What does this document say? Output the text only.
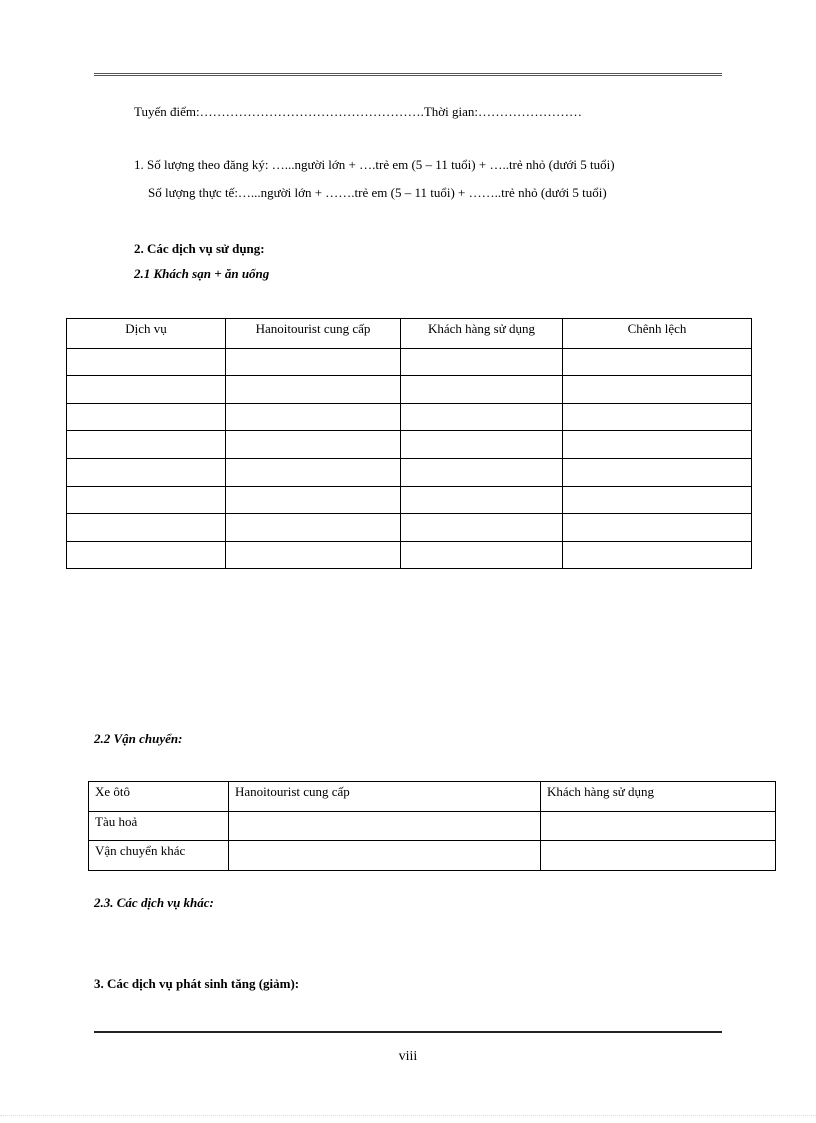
Tuyến điểm:…………………………………………….Thời gian:……………………
1. Số lượng theo đăng ký: …...người lớn + ….trẻ em (5 – 11 tuổi) + …..trẻ nhỏ (dưới 5 tuổi)
Số lượng thực tế:…...người lớn + …….trẻ em (5 – 11 tuổi) + ……..trẻ nhỏ (dưới 5 tuổi)
2. Các dịch vụ sử dụng:
2.1 Khách sạn + ăn uống
Dịch vụ	Hanoitourist cung cấp	Khách hàng sử dụng	Chênh lệch

2.2 Vận chuyển:
Xe ôtô	Hanoitourist cung cấp	Khách hàng sử dụng
Tàu hoả		
Vận chuyển khác		
2.3. Các dịch vụ khác:
3. Các dịch vụ phát sinh tăng (giảm):
viii
